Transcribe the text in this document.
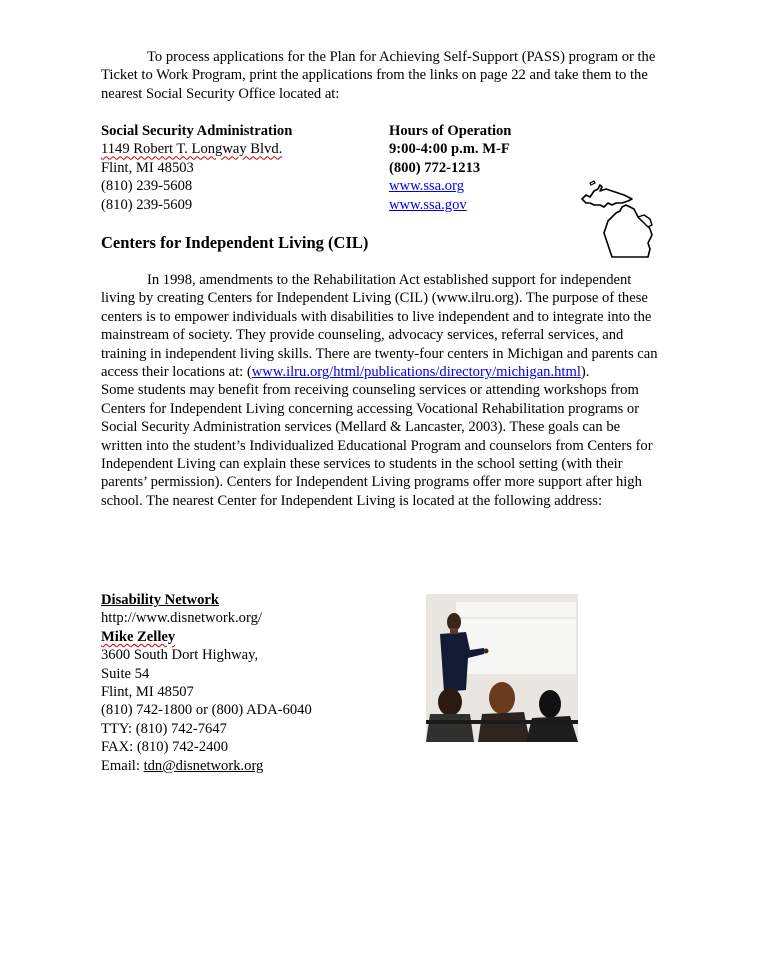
To process applications for the Plan for Achieving Self-Support (PASS) program or the Ticket to Work Program, print the applications from the links on page 22 and take them to the nearest Social Security Office located at:
Social Security Administration
1149 Robert T. Longway Blvd.
Flint, MI 48503
(810) 239-5608
(810) 239-5609
Hours of Operation
9:00-4:00 p.m. M-F
(800) 772-1213
www.ssa.org
www.ssa.gov
Centers for Independent Living (CIL)
In 1998, amendments to the Rehabilitation Act established support for independent living by creating Centers for Independent Living (CIL) (www.ilru.org). The purpose of these centers is to empower individuals with disabilities to live independent and to integrate into the mainstream of society. They provide counseling, advocacy services, referral services, and training in independent living skills. There are twenty-four centers in Michigan and parents can access their locations at: (www.ilru.org/html/publications/directory/michigan.html).
Some students may benefit from receiving counseling services or attending workshops from Centers for Independent Living concerning accessing Vocational Rehabilitation programs or Social Security Administration services (Mellard & Lancaster, 2003). These goals can be written into the student’s Individualized Educational Program and counselors from Centers for Independent Living can explain these services to students in the school setting (with their parents’ permission). Centers for Independent Living programs offer more support after high school. The nearest Center for Independent Living is located at the following address:
Disability Network
http://www.disnetwork.org/
Mike Zelley
3600 South Dort Highway,
Suite 54
Flint, MI 48507
(810) 742-1800 or (800) ADA-6040
TTY: (810) 742-7647
FAX: (810) 742-2400
Email: tdn@disnetwork.org
